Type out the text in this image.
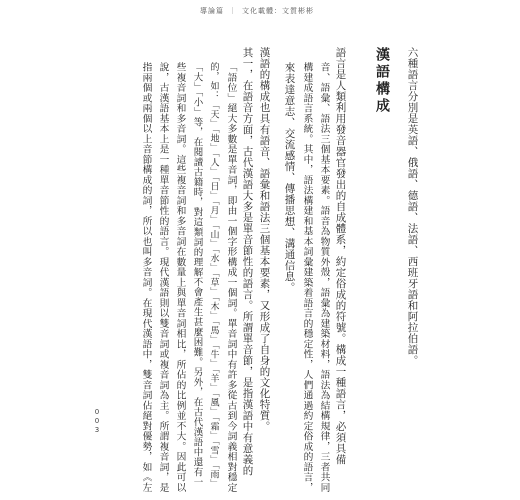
導論篇 ｜ 文化載體：文質彬彬
六種語言分別是英語、俄語、德語、法語、西班牙語和阿拉伯語。
漢語構成
語言是人類利用發音器官發出的自成體系，約定俗成的符號。構成一種語言，必須具備
音、語彙、語法三個基本要素。語音為物質外殼，語彙為建築材料，語法為結構規律，三者共同
構建成語言系統。其中，語法構建和基本詞彙建築着語言的穩定性，人們通過約定俗成的語言，
來表達意志、交流感情、傳播思想、溝通信息。
漢語的構成也具有語音、語彙和語法三個基本要素，又形成了自身的文化特質。
其一，在語音方面，古代漢語大多是單音節性的語言。所謂單音節，是指漢語中有意義的
「語位」絕大多數是單音詞，即由一個字形構成一個詞。單音詞中有許多從古到今詞義相對穩定
的，如：「天」「地」「人」「日」「月」「山」「水」「草」「木」「馬」「牛」「羊」「風」「霜」「雪」「雨」
「大」「小」等，在閱讀古籍時，對這類詞的理解不會產生甚麼困難。另外，在古代漢語中還有一
些複音詞和多音詞。這些複音詞和多音詞在數量上與單音詞相比，所佔的比例並不大。因此可以
說，古漢語基本上是一種單音節性的語言。現代漢語則以雙音詞或複音詞為主。所謂複音詞，是
指兩個或兩個以上音節構成的詞，所以也叫多音詞。在現代漢語中，雙音詞佔絕對優勢，如《左
003
